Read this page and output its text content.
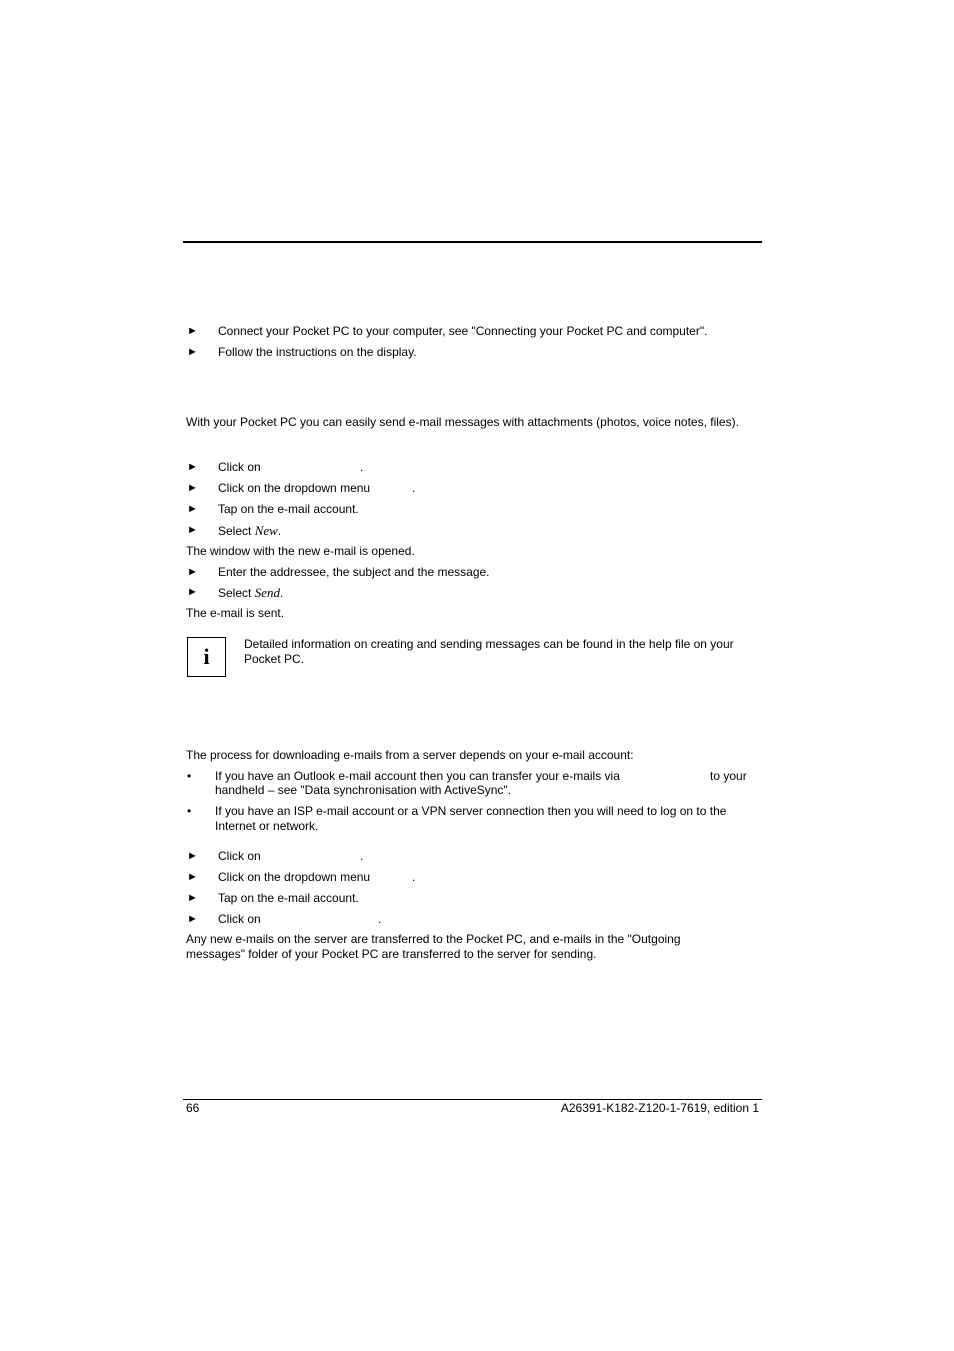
► Connect your Pocket PC to your computer, see "Connecting your Pocket PC and computer".
► Follow the instructions on the display.
With your Pocket PC you can easily send e-mail messages with attachments (photos, voice notes, files).
► Click on	.
► Click on the dropdown menu	.
► Tap on the e-mail account.
► Select New.
The window with the new e-mail is opened.
► Enter the addressee, the subject and the message.
► Select Send.
The e-mail is sent.
i	Detailed information on creating and sending messages can be found in the help file on your Pocket PC.
The process for downloading e-mails from a server depends on your e-mail account:
• If you have an Outlook e-mail account then you can transfer your e-mails via	to your
handheld – see "Data synchronisation with ActiveSync".
• If you have an ISP e-mail account or a VPN server connection then you will need to log on to the Internet or network.
► Click on	.
► Click on the dropdown menu	.
► Tap on the e-mail account.
► Click on	.
Any new e-mails on the server are transferred to the Pocket PC, and e-mails in the "Outgoing messages" folder of your Pocket PC are transferred to the server for sending.
66	A26391-K182-Z120-1-7619, edition 1
